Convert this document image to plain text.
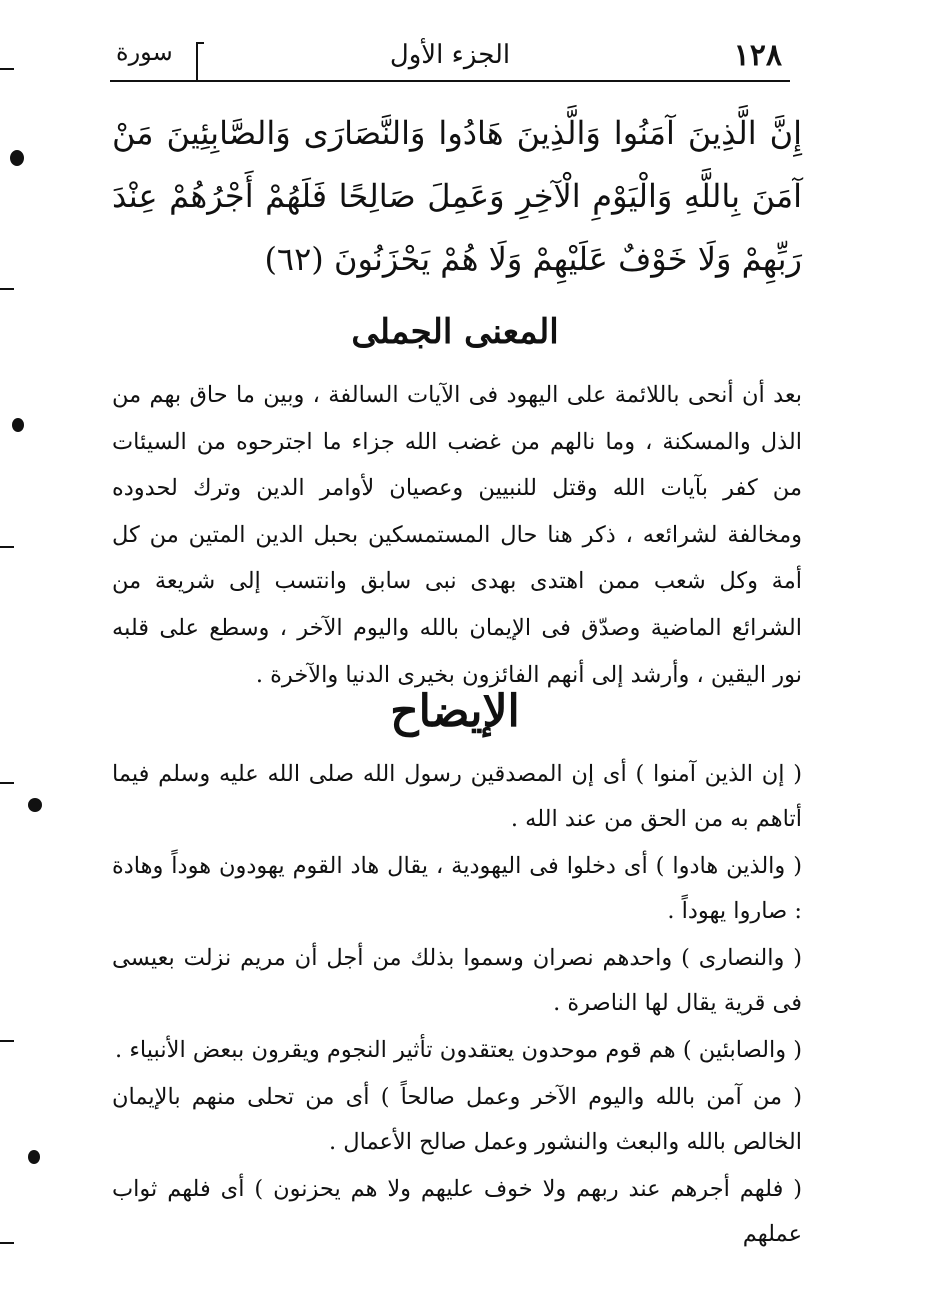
١٢٨
الجزء الأول
سورة
إِنَّ الَّذِينَ آمَنُوا وَالَّذِينَ هَادُوا وَالنَّصَارَى وَالصَّابِئِينَ مَنْ آمَنَ بِاللَّهِ وَالْيَوْمِ الْآخِرِ وَعَمِلَ صَالِحًا فَلَهُمْ أَجْرُهُمْ عِنْدَ رَبِّهِمْ وَلَا خَوْفٌ عَلَيْهِمْ وَلَا هُمْ يَحْزَنُونَ (٦٢)
المعنى الجملى

بعد أن أنحى باللائمة على اليهود فى الآيات السالفة ، وبين ما حاق بهم من الذل والمسكنة ، وما نالهم من غضب الله جزاء ما اجترحوه من السيئات من كفر بآيات الله وقتل للنبيين وعصيان لأوامر الدين وترك لحدوده ومخالفة لشرائعه ، ذكر هنا حال المستمسكين بحبل الدين المتين من كل أمة وكل شعب ممن اهتدى بهدى نبى سابق وانتسب إلى شريعة من الشرائع الماضية وصدّق فى الإيمان بالله واليوم الآخر ، وسطع على قلبه نور اليقين ، وأرشد إلى أنهم الفائزون بخيرى الدنيا والآخرة .

الإيضاح

( إن الذين آمنوا ) أى إن المصدقين رسول الله صلى الله عليه وسلم فيما أتاهم به من الحق من عند الله .

( والذين هادوا ) أى دخلوا فى اليهودية ، يقال هاد القوم يهودون هوداً وهادة : صاروا يهوداً .

( والنصارى ) واحدهم نصران وسموا بذلك من أجل أن مريم نزلت بعيسى فى قرية يقال لها الناصرة .

( والصابئين ) هم قوم موحدون يعتقدون تأثير النجوم ويقرون ببعض الأنبياء .

( من آمن بالله واليوم الآخر وعمل صالحاً ) أى من تحلى منهم بالإيمان الخالص بالله والبعث والنشور وعمل صالح الأعمال .

( فلهم أجرهم عند ربهم ولا خوف عليهم ولا هم يحزنون ) أى فلهم ثواب عملهم
